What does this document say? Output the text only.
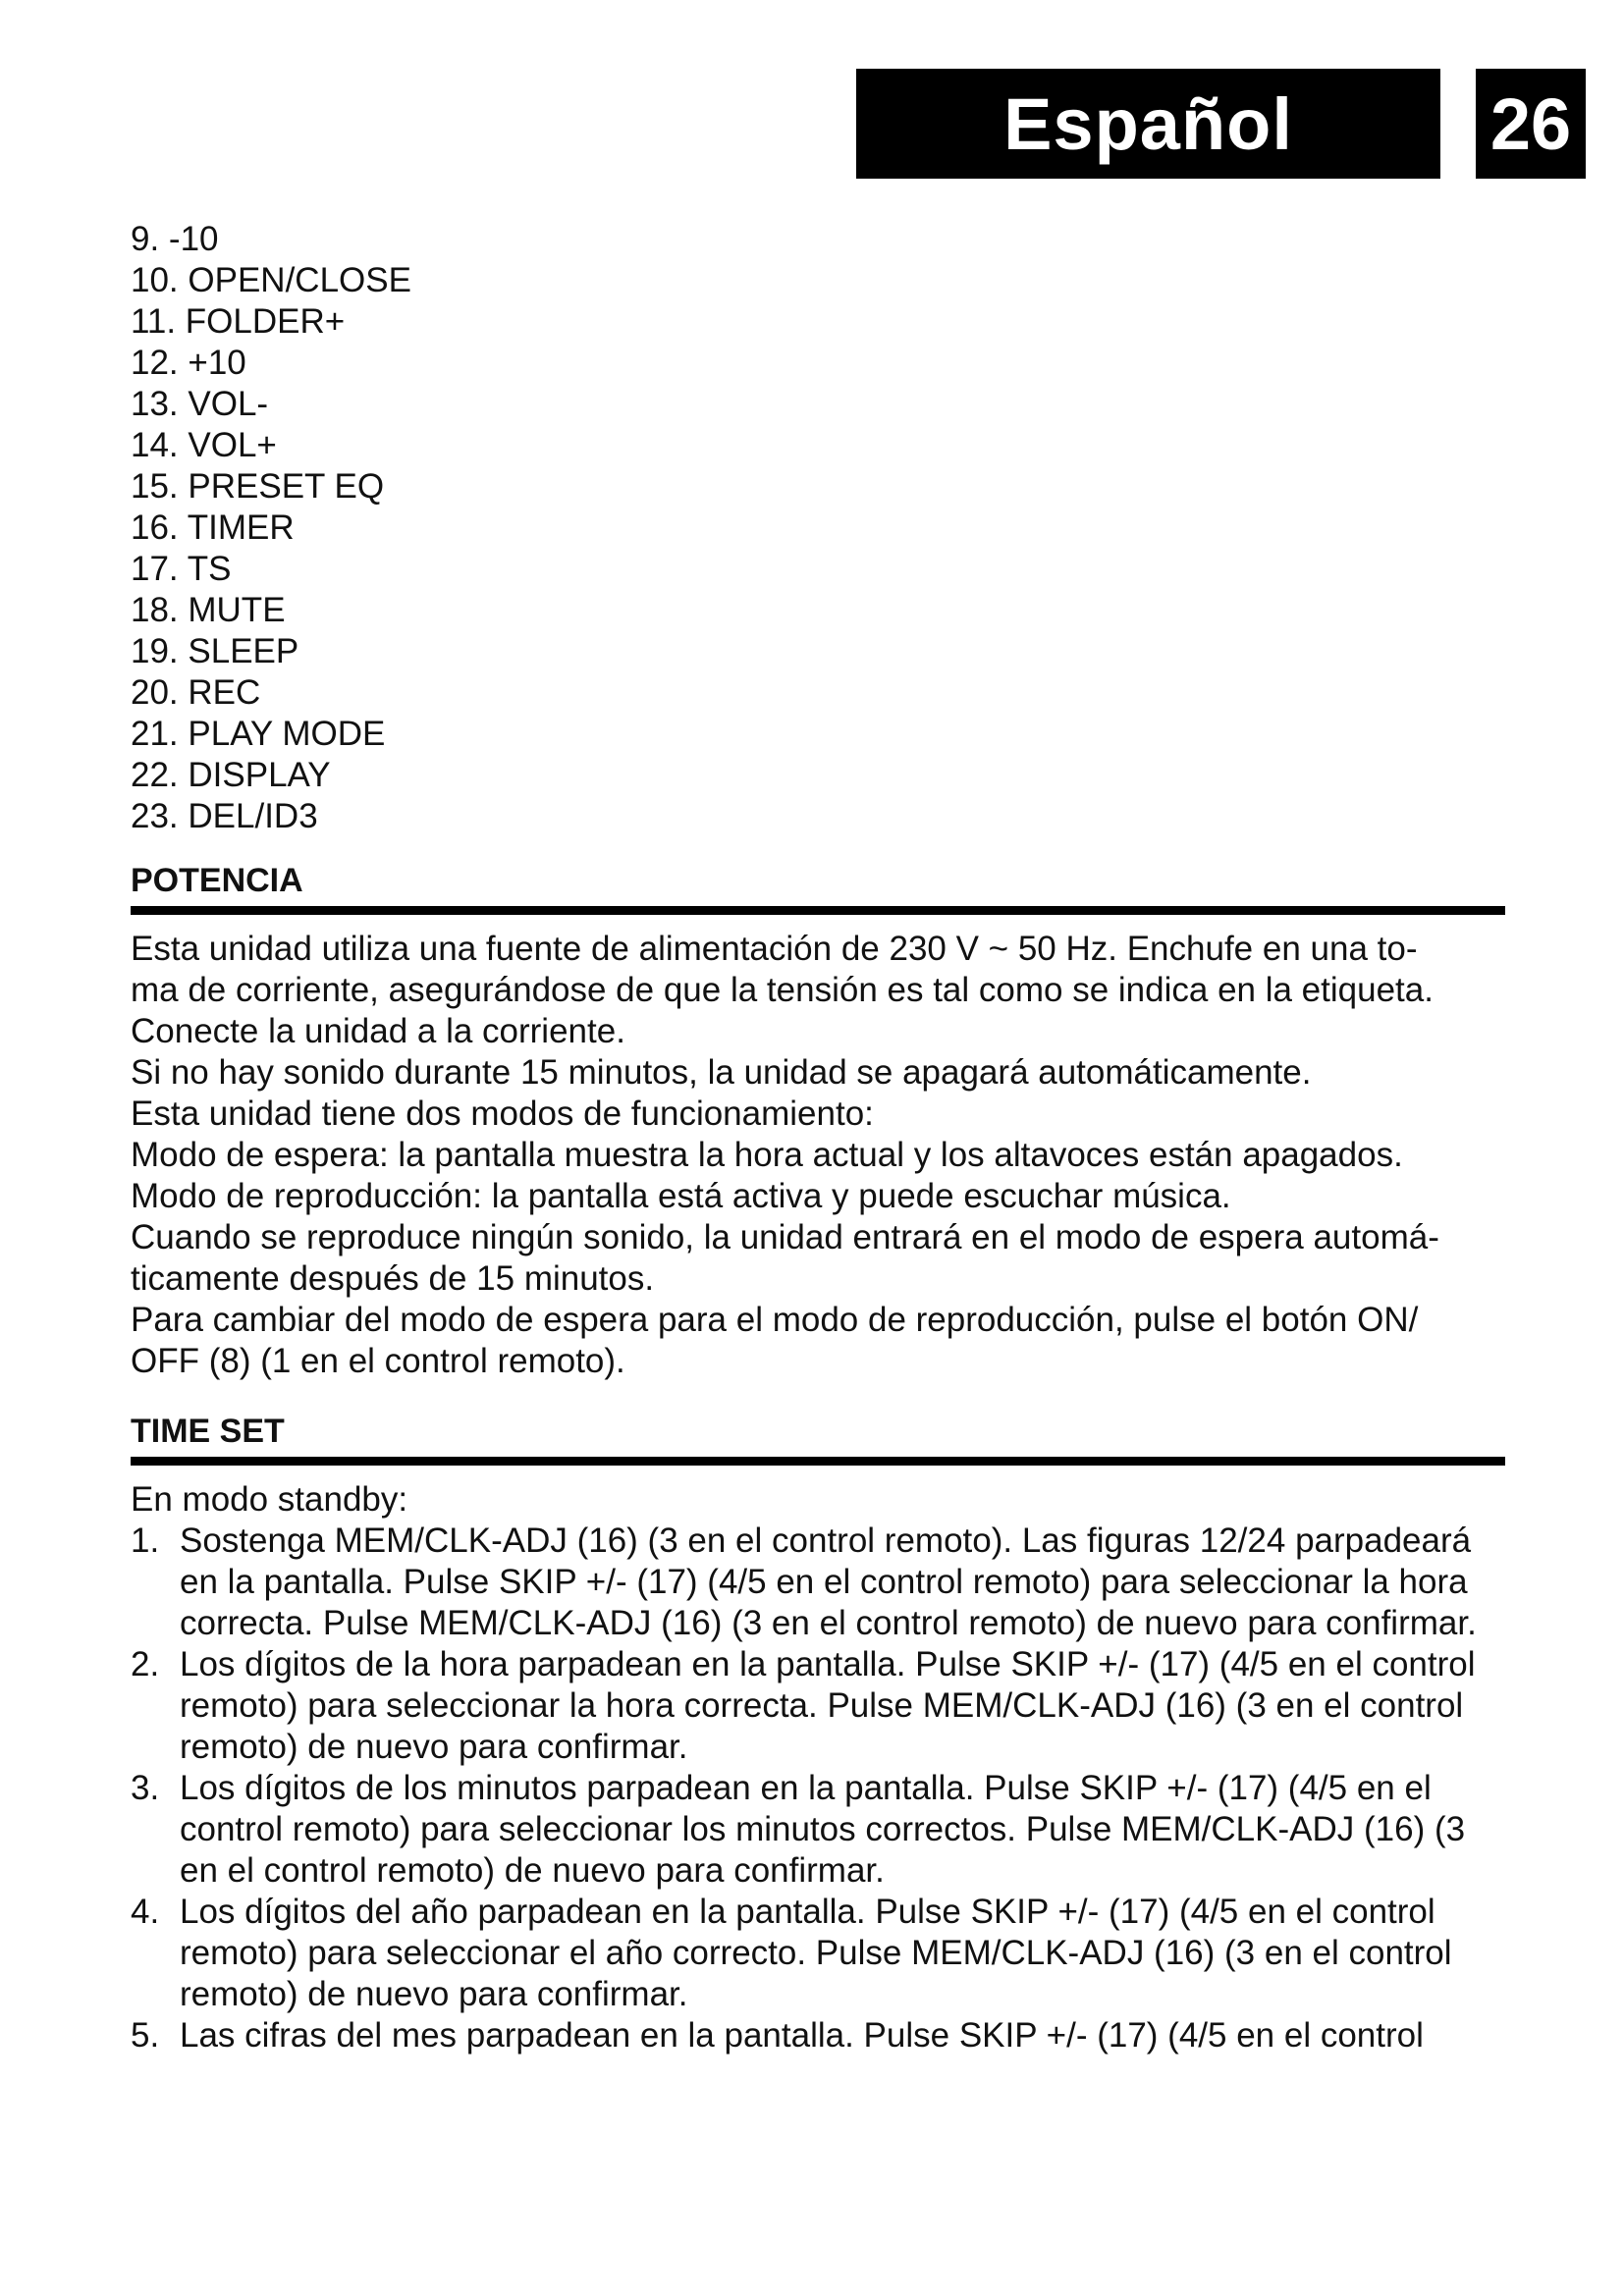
Español	26
9. -10
10. OPEN/CLOSE
11. FOLDER+
12. +10
13. VOL-
14. VOL+
15. PRESET EQ
16. TIMER
17. TS
18. MUTE
19. SLEEP
20. REC
21. PLAY MODE
22. DISPLAY
23. DEL/ID3
POTENCIA
Esta unidad utiliza una fuente de alimentación de 230 V ~ 50 Hz. Enchufe en una to-
ma de corriente, asegurándose de que la tensión es tal como se indica en la etiqueta.
Conecte la unidad a la corriente.
Si no hay sonido durante 15 minutos, la unidad se apagará automáticamente.
Esta unidad tiene dos modos de funcionamiento:
Modo de espera: la pantalla muestra la hora actual y los altavoces están apagados.
Modo de reproducción: la pantalla está activa y puede escuchar música.
Cuando se reproduce ningún sonido, la unidad entrará en el modo de espera automá-
ticamente después de 15 minutos.
Para cambiar del modo de espera para el modo de reproducción, pulse el botón ON/
OFF (8) (1 en el control remoto).
TIME SET
En modo standby:
1. Sostenga MEM/CLK-ADJ (16) (3 en el control remoto). Las figuras 12/24 parpadeará en la pantalla. Pulse SKIP +/- (17) (4/5 en el control remoto) para seleccionar la hora correcta. Pulse MEM/CLK-ADJ (16) (3 en el control remoto) de nuevo para confirmar.
2. Los dígitos de la hora parpadean en la pantalla. Pulse SKIP +/- (17) (4/5 en el control remoto) para seleccionar la hora correcta. Pulse MEM/CLK-ADJ (16) (3 en el control remoto) de nuevo para confirmar.
3. Los dígitos de los minutos parpadean en la pantalla. Pulse SKIP +/- (17) (4/5 en el control remoto) para seleccionar los minutos correctos. Pulse MEM/CLK-ADJ (16) (3 en el control remoto) de nuevo para confirmar.
4. Los dígitos del año parpadean en la pantalla. Pulse SKIP +/- (17) (4/5 en el control remoto) para seleccionar el año correcto. Pulse MEM/CLK-ADJ (16) (3 en el control remoto) de nuevo para confirmar.
5. Las cifras del mes parpadean en la pantalla. Pulse SKIP +/- (17) (4/5 en el control
